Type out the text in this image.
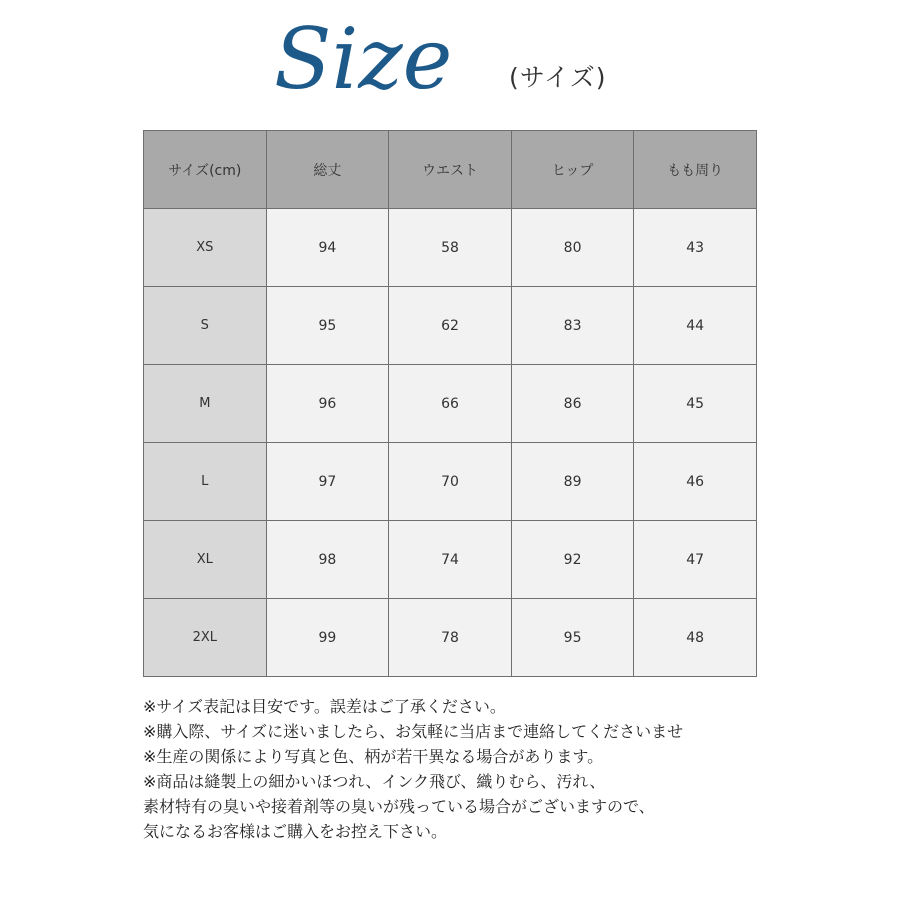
Size (サイズ)
サイズ(cm)	総丈	ウエスト	ヒップ	もも周り
XS	94	58	80	43
S	95	62	83	44
M	96	66	86	45
L	97	70	89	46
XL	98	74	92	47
2XL	99	78	95	48
※サイズ表記は目安です。誤差はご了承ください。
※購入際、サイズに迷いましたら、お気軽に当店まで連絡してくださいませ
※生産の関係により写真と色、柄が若干異なる場合があります。
※商品は縫製上の細かいほつれ、インク飛び、織りむら、汚れ、
素材特有の臭いや接着剤等の臭いが残っている場合がございますので、
気になるお客様はご購入をお控え下さい。
